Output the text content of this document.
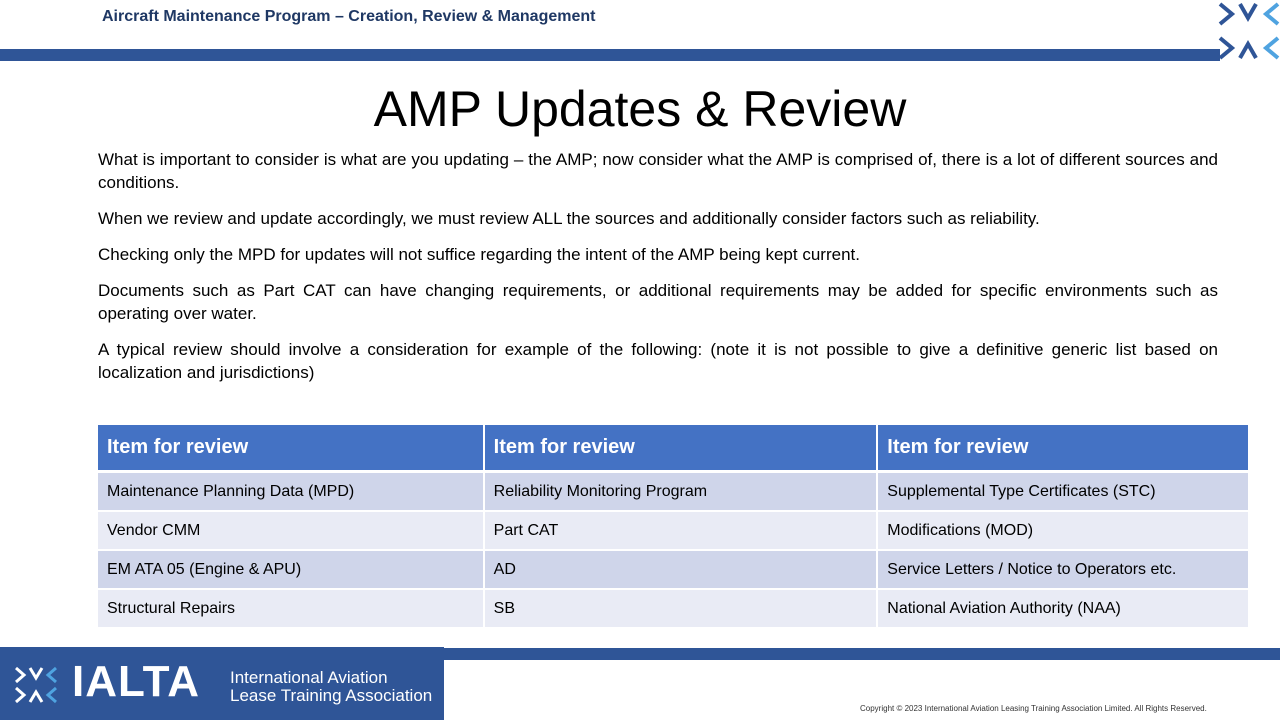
Aircraft Maintenance Program – Creation, Review & Management
AMP Updates & Review

What is important to consider is what are you updating – the AMP; now consider what the AMP is comprised of, there is a lot of different sources and conditions.

When we review and update accordingly, we must review ALL the sources and additionally consider factors such as reliability.

Checking only the MPD for updates will not suffice regarding the intent of the AMP being kept current.

Documents such as Part CAT can have changing requirements, or additional requirements may be added for specific environments such as operating over water.

A typical review should involve a consideration for example of the following: (note it is not possible to give a definitive generic list based on localization and jurisdictions)

Item for review	Item for review	Item for review
Maintenance Planning Data (MPD)	Reliability Monitoring Program	Supplemental Type Certificates (STC)
Vendor CMM	Part CAT	Modifications (MOD)
EM ATA 05 (Engine & APU)	AD	Service Letters / Notice to Operators etc.
Structural Repairs	SB	National Aviation Authority (NAA)
IALTA International Aviation
Lease Training Association
Copyright © 2023 International Aviation Leasing Training Association Limited. All Rights Reserved.
